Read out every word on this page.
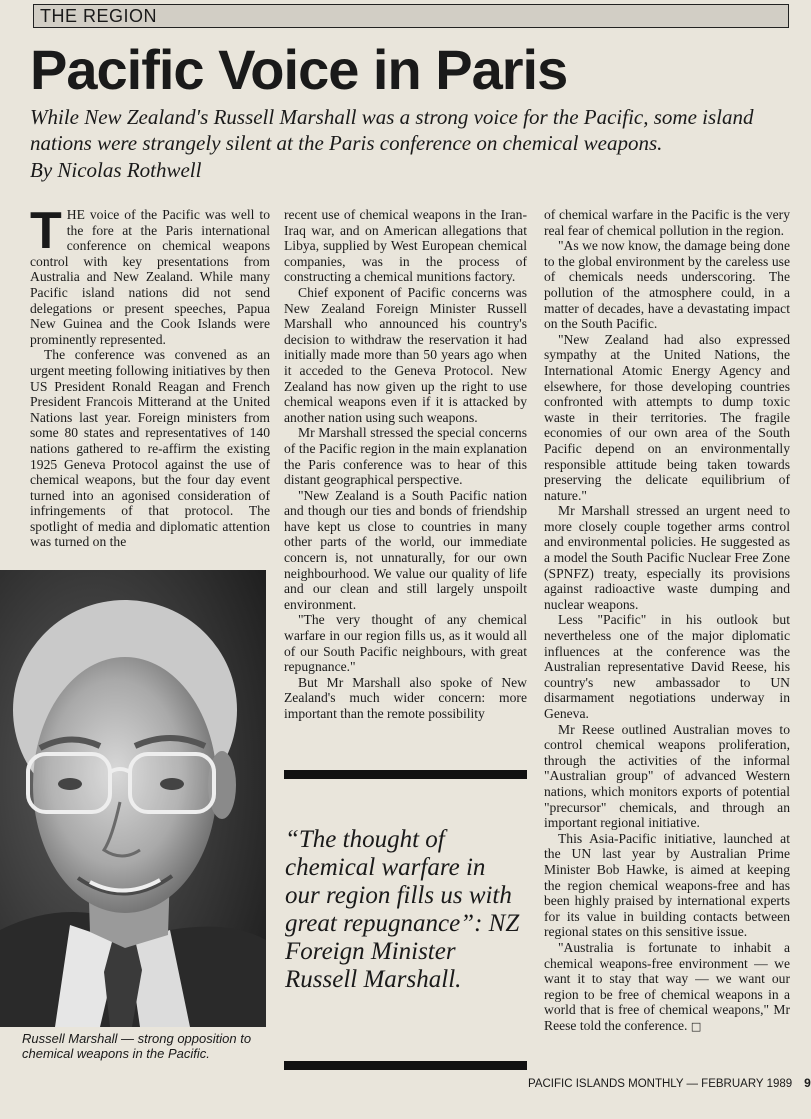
THE REGION
Pacific Voice in Paris

While New Zealand's Russell Marshall was a strong voice for the Pacific, some island nations were strangely silent at the Paris conference on chemical weapons.

By Nicolas Rothwell

T HE voice of the Pacific was well to the fore at the Paris international conference on chemical weapons control with key presentations from Australia and New Zealand. While many Pacific island nations did not send delegations or present speeches, Papua New Guinea and the Cook Islands were prominently represented.

The conference was convened as an urgent meeting following initiatives by then US President Ronald Reagan and French President Francois Mitterand at the United Nations last year. Foreign ministers from some 80 states and representatives of 140 nations gathered to re-affirm the existing 1925 Geneva Protocol against the use of chemical weapons, but the four day event turned into an agonised consideration of infringements of that protocol. The spotlight of media and diplomatic attention was turned on the

recent use of chemical weapons in the Iran-Iraq war, and on American allegations that Libya, supplied by West European chemical companies, was in the process of constructing a chemical munitions factory.

Chief exponent of Pacific concerns was New Zealand Foreign Minister Russell Marshall who announced his country's decision to withdraw the reservation it had initially made more than 50 years ago when it acceded to the Geneva Protocol. New Zealand has now given up the right to use chemical weapons even if it is attacked by another nation using such weapons.

Mr Marshall stressed the special concerns of the Pacific region in the main explanation the Paris conference was to hear of this distant geographical perspective.

"New Zealand is a South Pacific nation and though our ties and bonds of friendship have kept us close to countries in many other parts of the world, our immediate concern is, not unnaturally, for our own neighbourhood. We value our quality of life and our clean and still largely unspoilt environment.

"The very thought of any chemical warfare in our region fills us, as it would all of our South Pacific neighbours, with great repugnance."

But Mr Marshall also spoke of New Zealand's much wider concern: more important than the remote possibility

of chemical warfare in the Pacific is the very real fear of chemical pollution in the region.

"As we now know, the damage being done to the global environment by the careless use of chemicals needs underscoring. The pollution of the atmosphere could, in a matter of decades, have a devastating impact on the South Pacific.

"New Zealand had also expressed sympathy at the United Nations, the International Atomic Energy Agency and elsewhere, for those developing countries confronted with attempts to dump toxic waste in their territories. The fragile economies of our own area of the South Pacific depend on an environmentally responsible attitude being taken towards preserving the delicate equilibrium of nature."

Mr Marshall stressed an urgent need to more closely couple together arms control and environmental policies. He suggested as a model the South Pacific Nuclear Free Zone (SPNFZ) treaty, especially its provisions against radioactive waste dumping and nuclear weapons.

Less "Pacific" in his outlook but nevertheless one of the major diplomatic influences at the conference was the Australian representative David Reese, his country's new ambassador to UN disarmament negotiations underway in Geneva.

Mr Reese outlined Australian moves to control chemical weapons proliferation, through the activities of the informal "Australian group" of advanced Western nations, which monitors exports of potential "precursor" chemicals, and through an important regional initiative.

This Asia-Pacific initiative, launched at the UN last year by Australian Prime Minister Bob Hawke, is aimed at keeping the region chemical weapons-free and has been highly praised by international experts for its value in building contacts between regional states on this sensitive issue.

"Australia is fortunate to inhabit a chemical weapons-free environment — we want it to stay that way — we want our region to be free of chemical weapons in a world that is free of chemical weapons," Mr Reese told the conference. □

Russell Marshall — strong opposition to chemical weapons in the Pacific.

“The thought of chemical warfare in our region fills us with great repugnance”: NZ Foreign Minister Russell Marshall.

PACIFIC ISLANDS MONTHLY — FEBRUARY 1989 9
